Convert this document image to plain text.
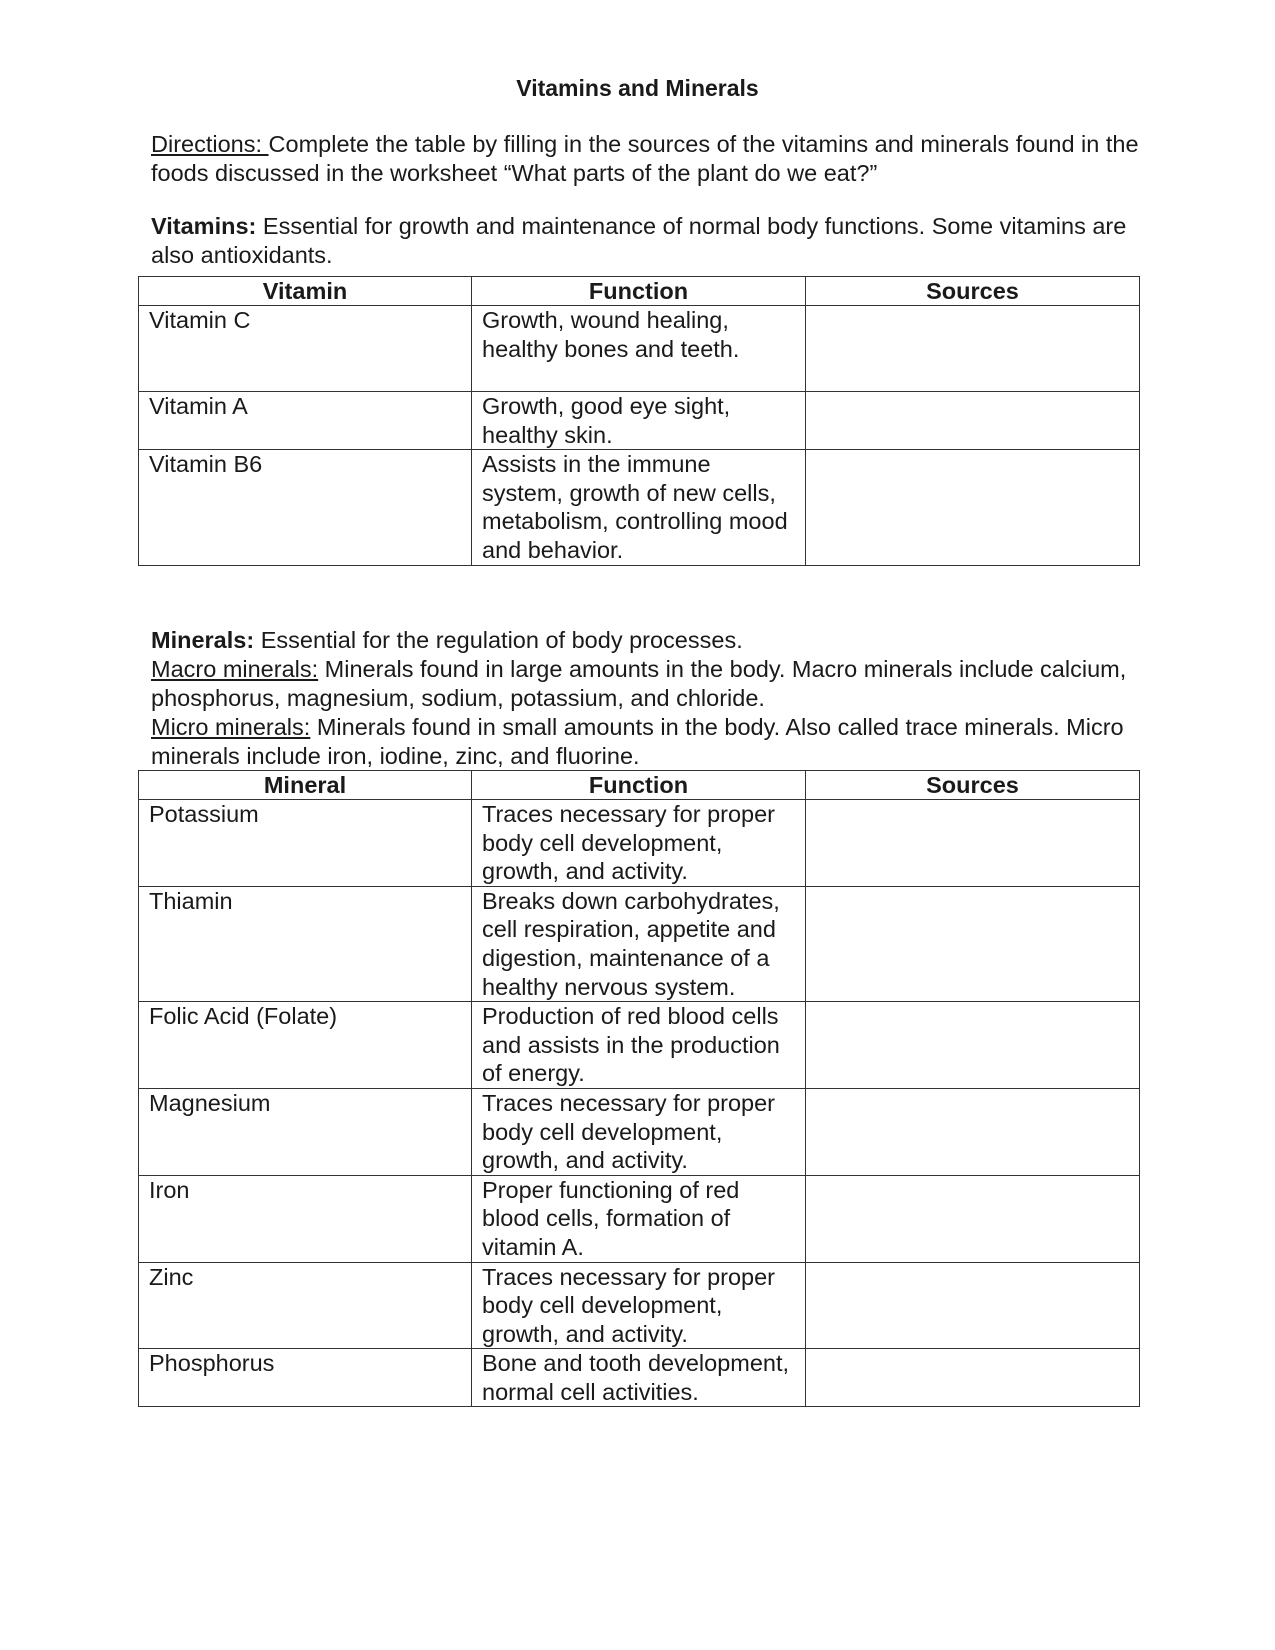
Vitamins and Minerals

Directions: Complete the table by filling in the sources of the vitamins and minerals found in the foods discussed in the worksheet “What parts of the plant do we eat?”

Vitamins: Essential for growth and maintenance of normal body functions. Some vitamins are also antioxidants.

Vitamin	Function	Sources
Vitamin C	Growth, wound healing, healthy bones and teeth.	
Vitamin A	Growth, good eye sight, healthy skin.	
Vitamin B6	Assists in the immune system, growth of new cells, metabolism, controlling mood and behavior.	

Minerals: Essential for the regulation of body processes.

Macro minerals: Minerals found in large amounts in the body. Macro minerals include calcium, phosphorus, magnesium, sodium, potassium, and chloride.

Micro minerals: Minerals found in small amounts in the body. Also called trace minerals. Micro minerals include iron, iodine, zinc, and fluorine.

Mineral	Function	Sources
Potassium	Traces necessary for proper body cell development, growth, and activity.	
Thiamin	Breaks down carbohydrates, cell respiration, appetite and digestion, maintenance of a healthy nervous system.	
Folic Acid (Folate)	Production of red blood cells and assists in the production of energy.	
Magnesium	Traces necessary for proper body cell development, growth, and activity.	
Iron	Proper functioning of red blood cells, formation of vitamin A.	
Zinc	Traces necessary for proper body cell development, growth, and activity.	
Phosphorus	Bone and tooth development, normal cell activities.	
